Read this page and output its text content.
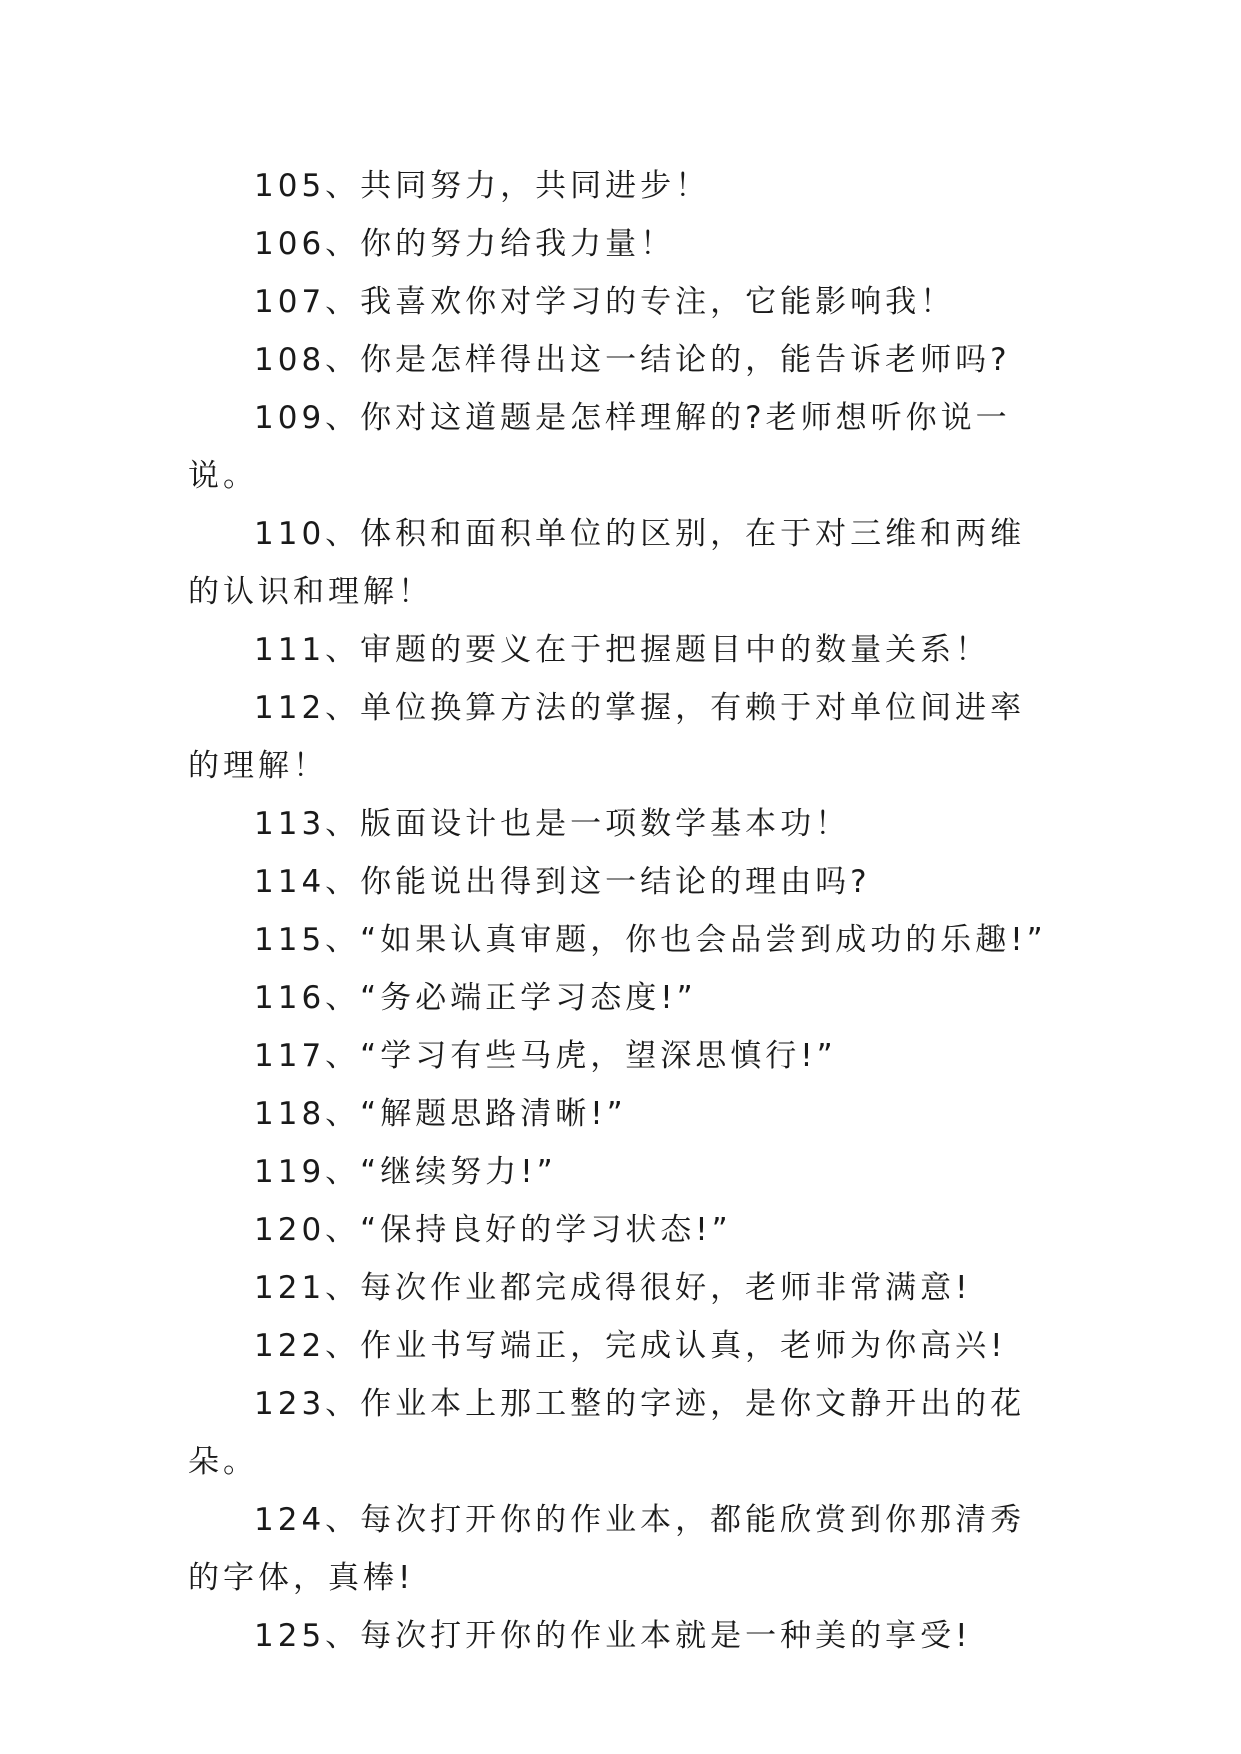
105、共同努力，共同进步！

106、你的努力给我力量！

107、我喜欢你对学习的专注，它能影响我！

108、你是怎样得出这一结论的，能告诉老师吗?

109、你对这道题是怎样理解的?老师想听你说一说。

110、体积和面积单位的区别，在于对三维和两维的认识和理解！

111、审题的要义在于把握题目中的数量关系！

112、单位换算方法的掌握，有赖于对单位间进率的理解！

113、版面设计也是一项数学基本功！

114、你能说出得到这一结论的理由吗?

115、“如果认真审题，你也会品尝到成功的乐趣!”

116、“务必端正学习态度!”

117、“学习有些马虎，望深思慎行!”

118、“解题思路清晰!”

119、“继续努力!”

120、“保持良好的学习状态!”

121、每次作业都完成得很好，老师非常满意!

122、作业书写端正，完成认真，老师为你高兴!

123、作业本上那工整的字迹，是你文静开出的花朵。

124、每次打开你的作业本，都能欣赏到你那清秀的字体，真棒!

125、每次打开你的作业本就是一种美的享受!
